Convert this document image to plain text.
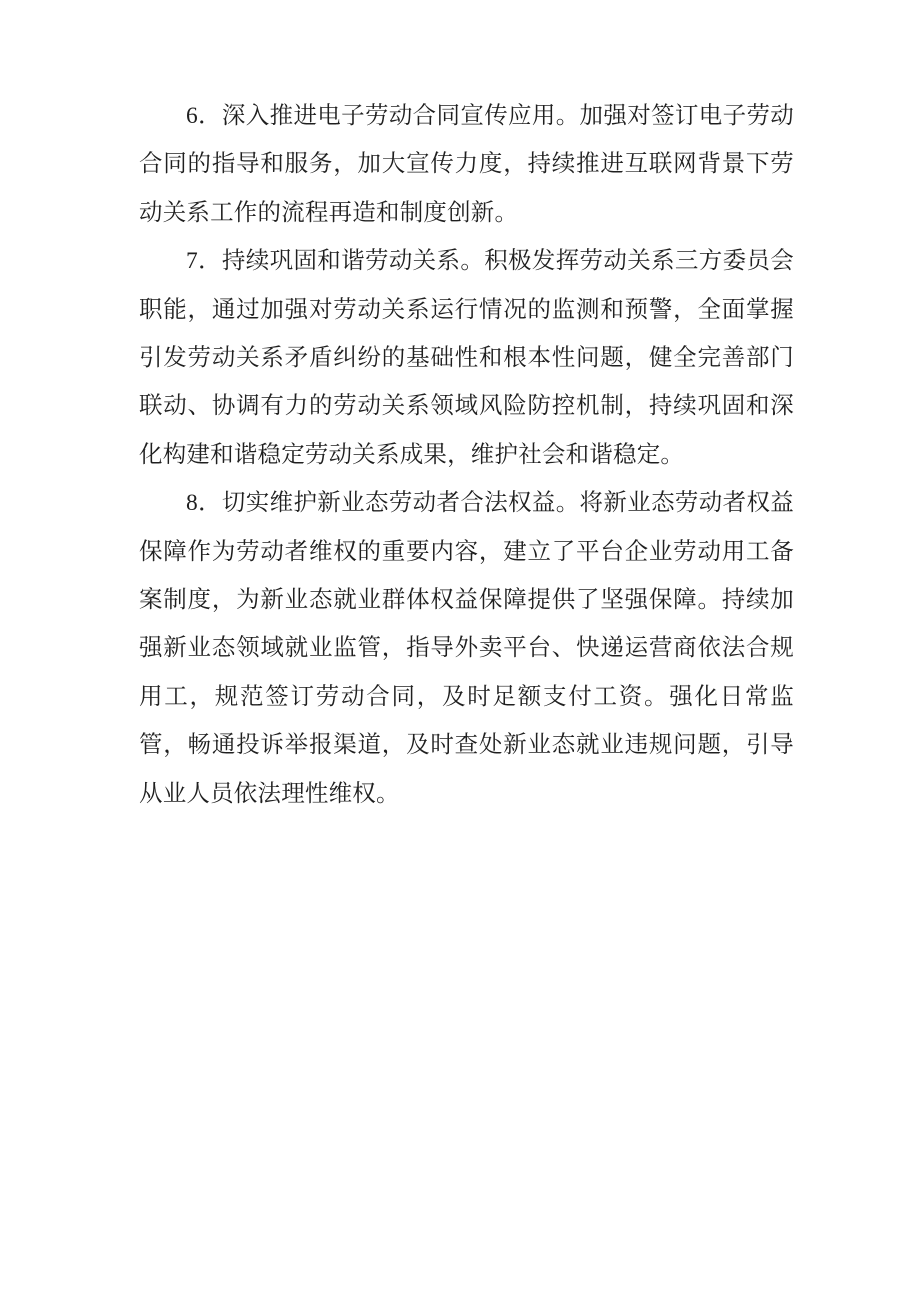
6．深入推进电子劳动合同宣传应用。加强对签订电子劳动合同的指导和服务，加大宣传力度，持续推进互联网背景下劳动关系工作的流程再造和制度创新。

7．持续巩固和谐劳动关系。积极发挥劳动关系三方委员会职能，通过加强对劳动关系运行情况的监测和预警，全面掌握引发劳动关系矛盾纠纷的基础性和根本性问题，健全完善部门联动、协调有力的劳动关系领域风险防控机制，持续巩固和深化构建和谐稳定劳动关系成果，维护社会和谐稳定。

8．切实维护新业态劳动者合法权益。将新业态劳动者权益保障作为劳动者维权的重要内容，建立了平台企业劳动用工备案制度，为新业态就业群体权益保障提供了坚强保障。持续加强新业态领域就业监管，指导外卖平台、快递运营商依法合规用工，规范签订劳动合同，及时足额支付工资。强化日常监管，畅通投诉举报渠道，及时查处新业态就业违规问题，引导从业人员依法理性维权。
